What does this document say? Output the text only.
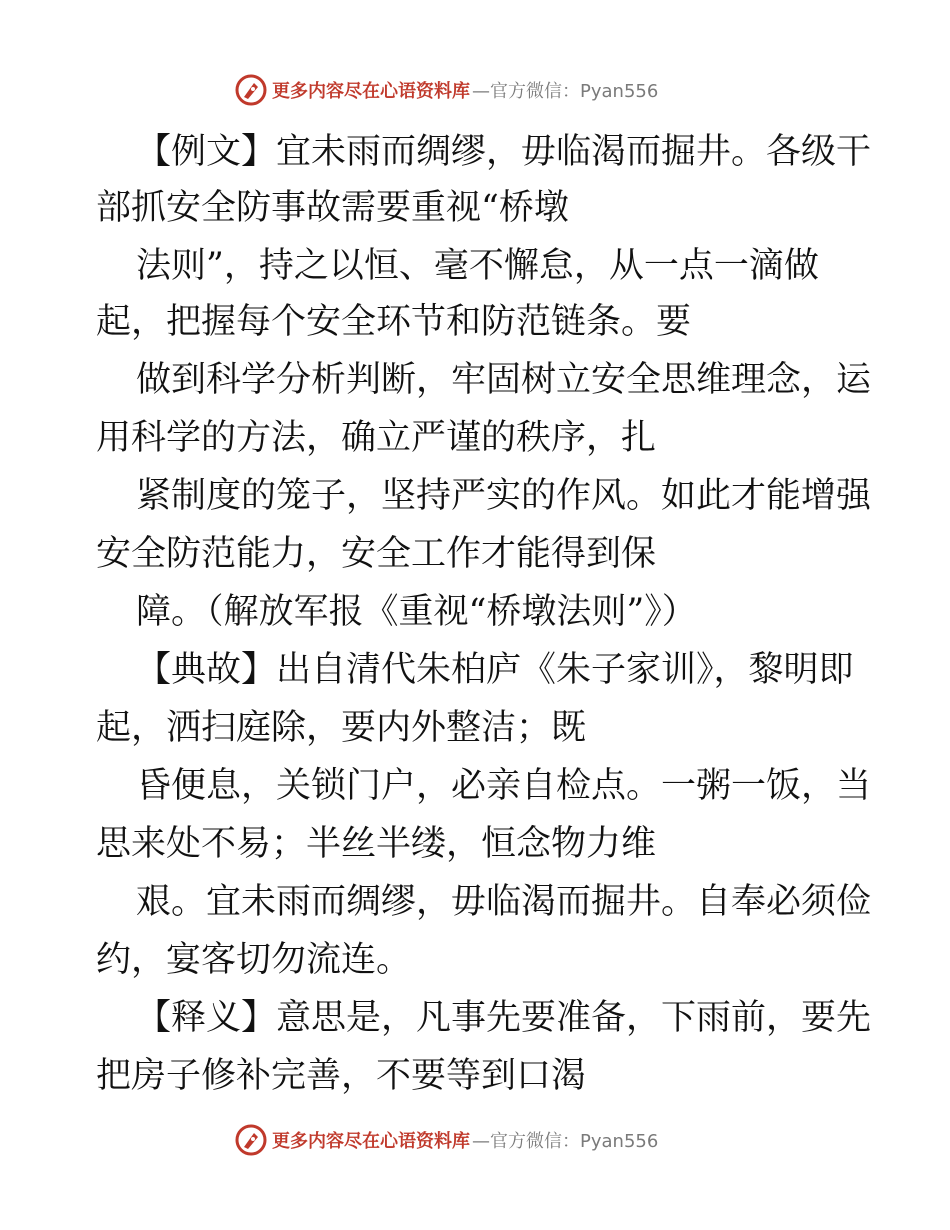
更多内容尽在心语资料库 —官方微信：Pyan556
【例文】宜未雨而绸缪，毋临渴而掘井。各级干
部抓安全防事故需要重视“桥墩
法则”，持之以恒、毫不懈怠，从一点一滴做
起，把握每个安全环节和防范链条。要
做到科学分析判断，牢固树立安全思维理念，运
用科学的方法，确立严谨的秩序，扎
紧制度的笼子，坚持严实的作风。如此才能增强
安全防范能力，安全工作才能得到保
障。（解放军报《重视“桥墩法则”》）
【典故】出自清代朱柏庐《朱子家训》，黎明即
起，洒扫庭除，要内外整洁；既
昏便息，关锁门户，必亲自检点。一粥一饭，当
思来处不易；半丝半缕，恒念物力维
艰。宜未雨而绸缪，毋临渴而掘井。自奉必须俭
约，宴客切勿流连。
【释义】意思是，凡事先要准备，下雨前，要先
把房子修补完善，不要等到口渴
更多内容尽在心语资料库 —官方微信：Pyan556
